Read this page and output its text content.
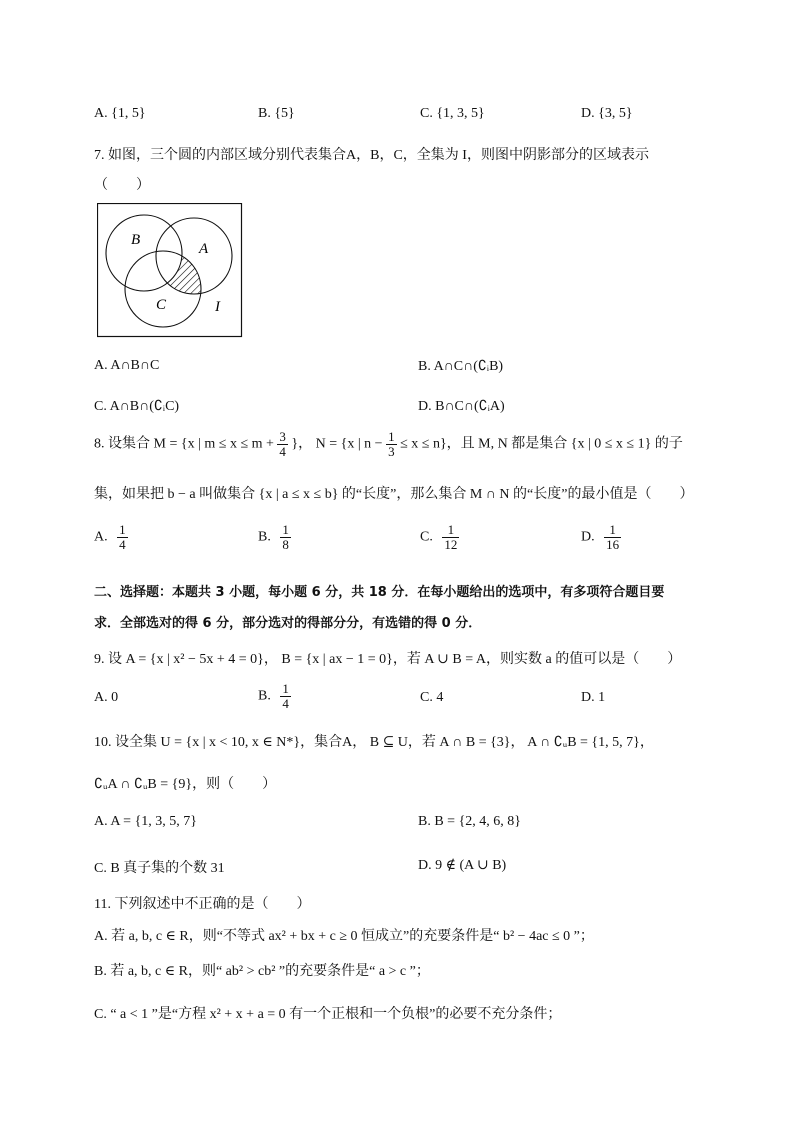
A. {1, 5}	B. {5}	C. {1, 3, 5}	D. {3, 5}
7. 如图，三个圆的内部区域分别代表集合A，B，C，全集为 I，则图中阴影部分的区域表示
（　　）
B
A
C	I
A. A∩B∩C	B. A∩C∩(∁ᵢB)
C. A∩B∩(∁ᵢC)	D. B∩C∩(∁ᵢA)
8. 设集合 M = {x | $m \le x \le m + \frac{3}{4}$ }， N = {x | $n - \frac{1}{3} \le x \le n$}，且 M, N 都是集合 {x | 0 ≤ x ≤ 1} 的子
集，如果把 b − a 叫做集合 {x | a ≤ x ≤ b} 的“长度”，那么集合 M ∩ N 的“长度”的最小值是（　　）
A. $\frac{1}{4}$	B. $\frac{1}{8}$	C. $\frac{1}{12}$	D. $\frac{1}{16}$
二、选择题：本题共 3 小题，每小题 6 分，共 18 分．在每小题给出的选项中，有多项符合题目要
求．全部选对的得 6 分，部分选对的得部分分，有选错的得 0 分．
9. 设 A = {x | x² − 5x + 4 = 0}， B = {x | ax − 1 = 0}，若 A ∪ B = A，则实数 a 的值可以是（　　）
A. 0	B. $\frac{1}{4}$	C. 4	D. 1
10. 设全集 U = {x | x < 10, x ∈ N*}，集合A， B ⊆ U，若 A ∩ B = {3}， A ∩ ∁ᵤB = {1, 5, 7}，
∁ᵤA ∩ ∁ᵤB = {9}，则（　　）
A. A = {1, 3, 5, 7}	B. B = {2, 4, 6, 8}
C. B 真子集的个数 31	D. 9 ∉ (A ∪ B)
11. 下列叙述中不正确的是（　　）
A. 若 a, b, c ∈ R，则“不等式 ax² + bx + c ≥ 0 恒成立”的充要条件是“ b² − 4ac ≤ 0 ”；
B. 若 a, b, c ∈ R，则“ ab² > cb² ”的充要条件是“ a > c ”；
C. “ a < 1 ”是“方程 x² + x + a = 0 有一个正根和一个负根”的必要不充分条件；
